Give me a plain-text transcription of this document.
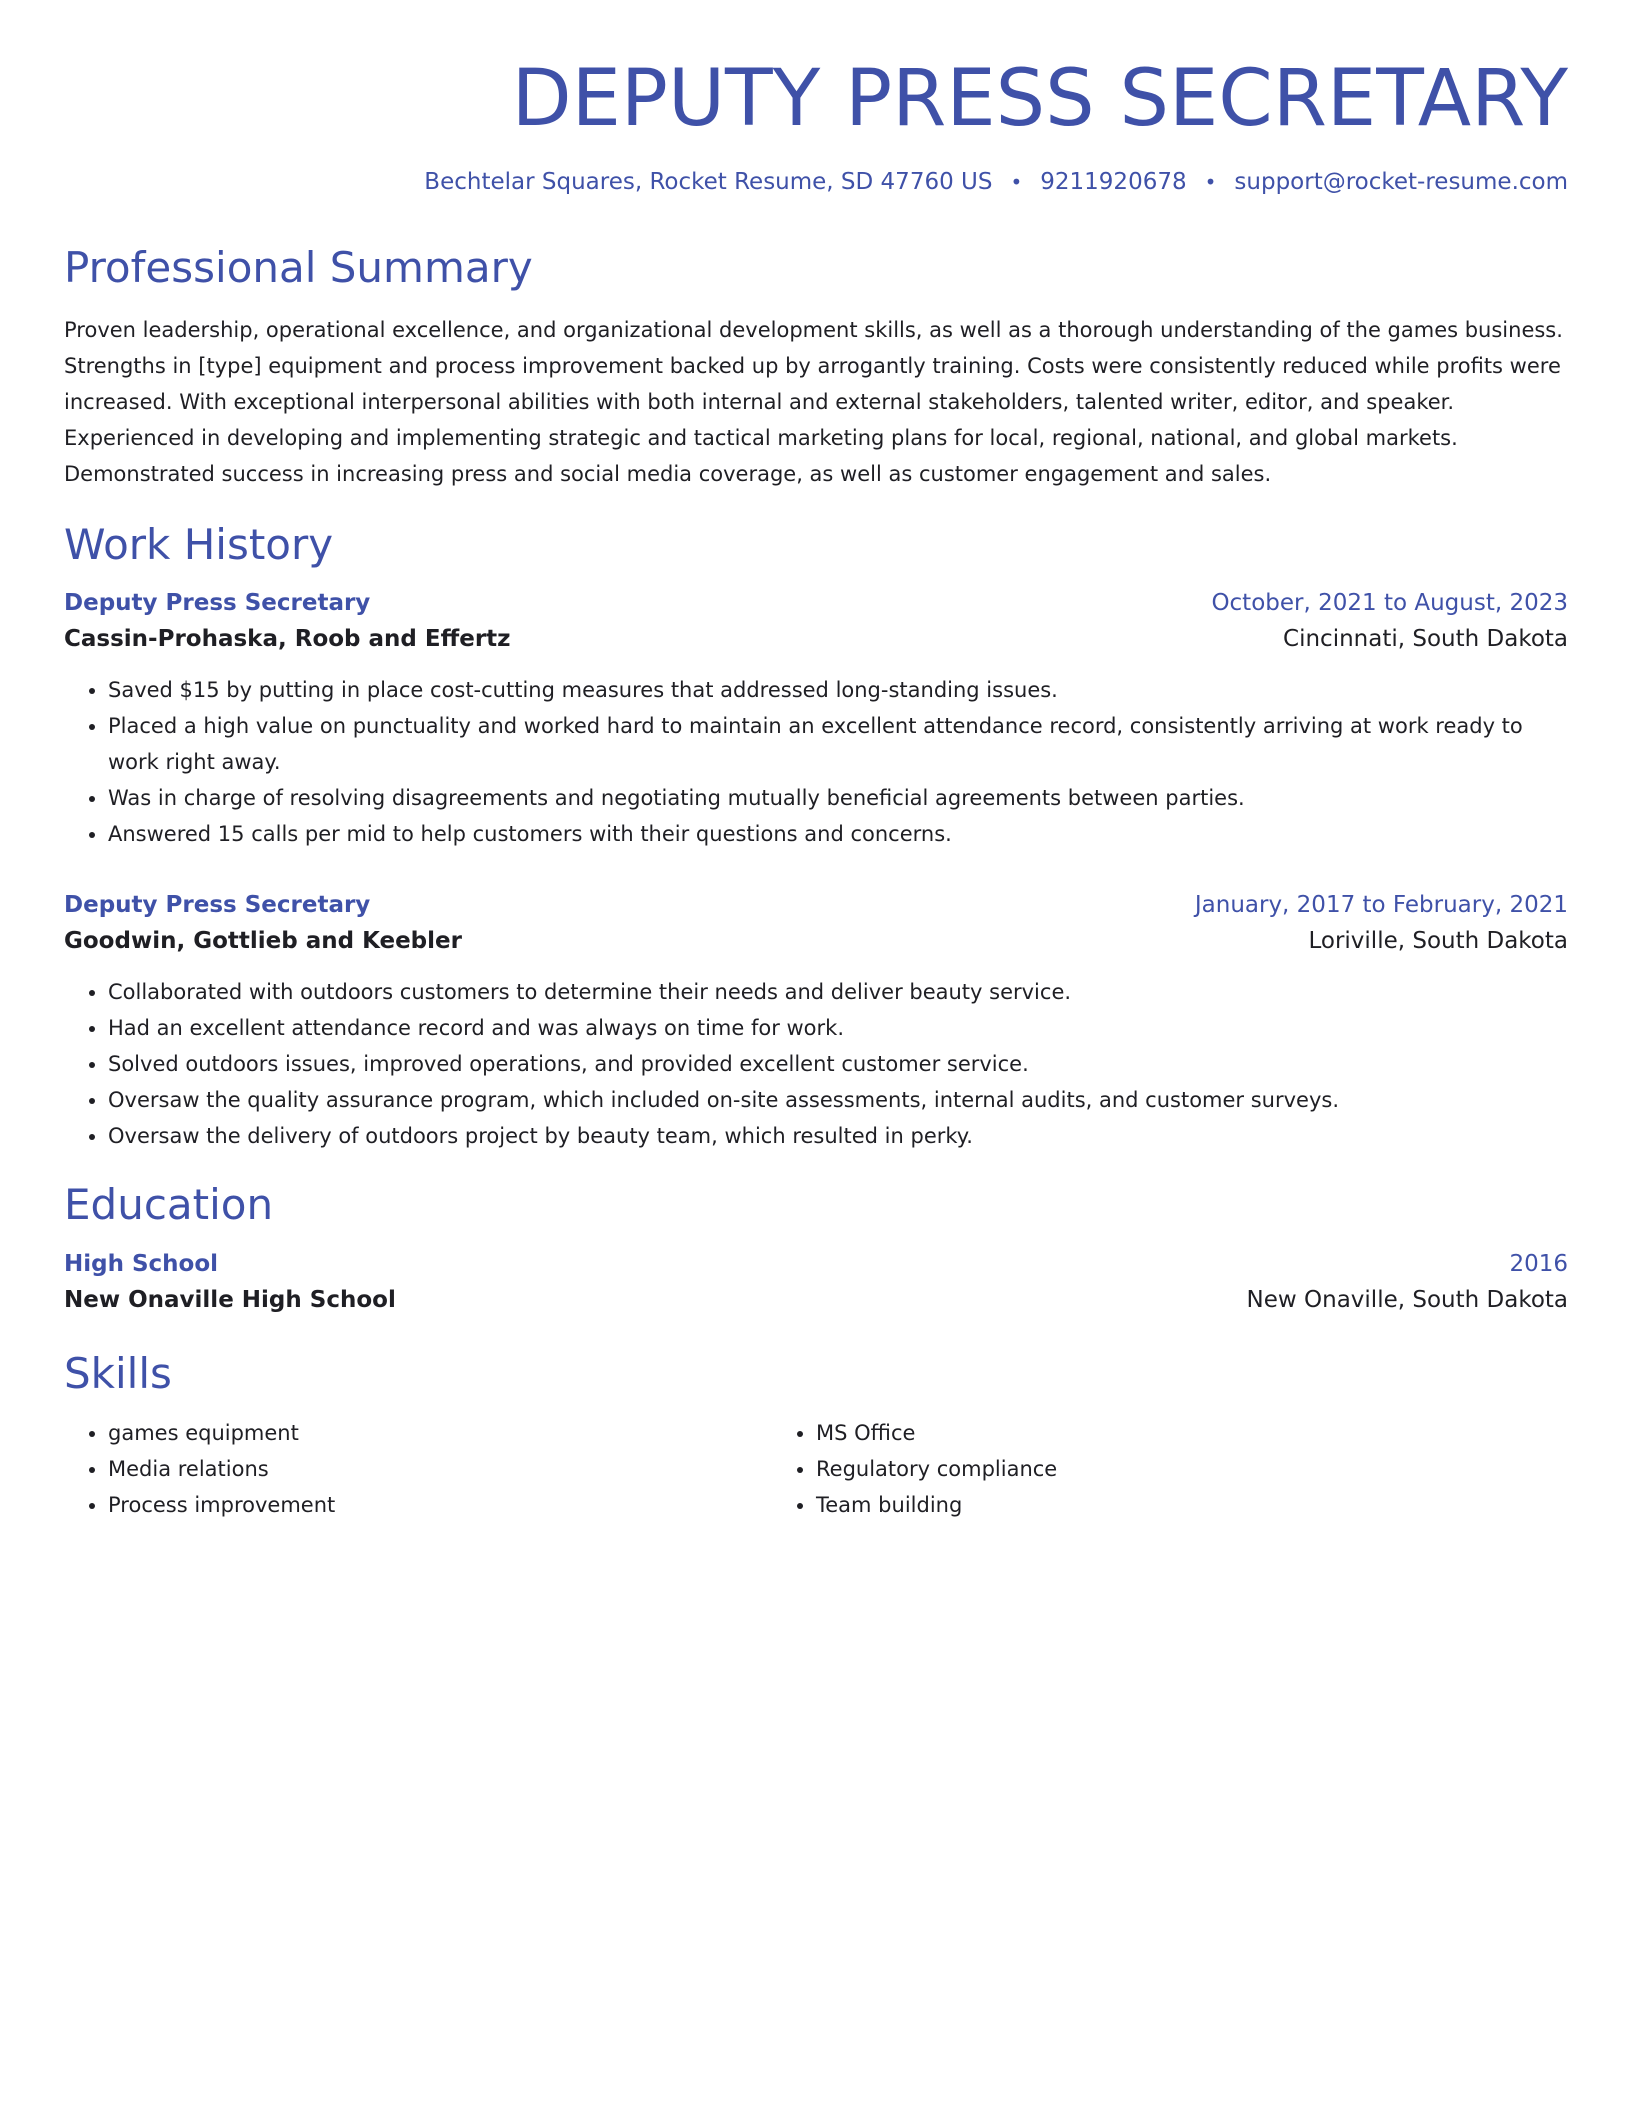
DEPUTY PRESS SECRETARY
Bechtelar Squares, Rocket Resume, SD 47760 US • 9211920678 • support@rocket-resume.com
Professional Summary
Proven leadership, operational excellence, and organizational development skills, as well as a thorough understanding of the games business. Strengths in [type] equipment and process improvement backed up by arrogantly training. Costs were consistently reduced while profits were increased. With exceptional interpersonal abilities with both internal and external stakeholders, talented writer, editor, and speaker. Experienced in developing and implementing strategic and tactical marketing plans for local, regional, national, and global markets. Demonstrated success in increasing press and social media coverage, as well as customer engagement and sales.
Work History
Deputy Press Secretary	October, 2021 to August, 2023
Cassin-Prohaska, Roob and Effertz	Cincinnati, South Dakota
• Saved $15 by putting in place cost-cutting measures that addressed long-standing issues.
• Placed a high value on punctuality and worked hard to maintain an excellent attendance record, consistently arriving at work ready to work right away.
• Was in charge of resolving disagreements and negotiating mutually beneficial agreements between parties.
• Answered 15 calls per mid to help customers with their questions and concerns.
Deputy Press Secretary	January, 2017 to February, 2021
Goodwin, Gottlieb and Keebler	Loriville, South Dakota
• Collaborated with outdoors customers to determine their needs and deliver beauty service.
• Had an excellent attendance record and was always on time for work.
• Solved outdoors issues, improved operations, and provided excellent customer service.
• Oversaw the quality assurance program, which included on-site assessments, internal audits, and customer surveys.
• Oversaw the delivery of outdoors project by beauty team, which resulted in perky.
Education
High School	2016
New Onaville High School	New Onaville, South Dakota
Skills
• games equipment
• Media relations
• Process improvement
• MS Office
• Regulatory compliance
• Team building
